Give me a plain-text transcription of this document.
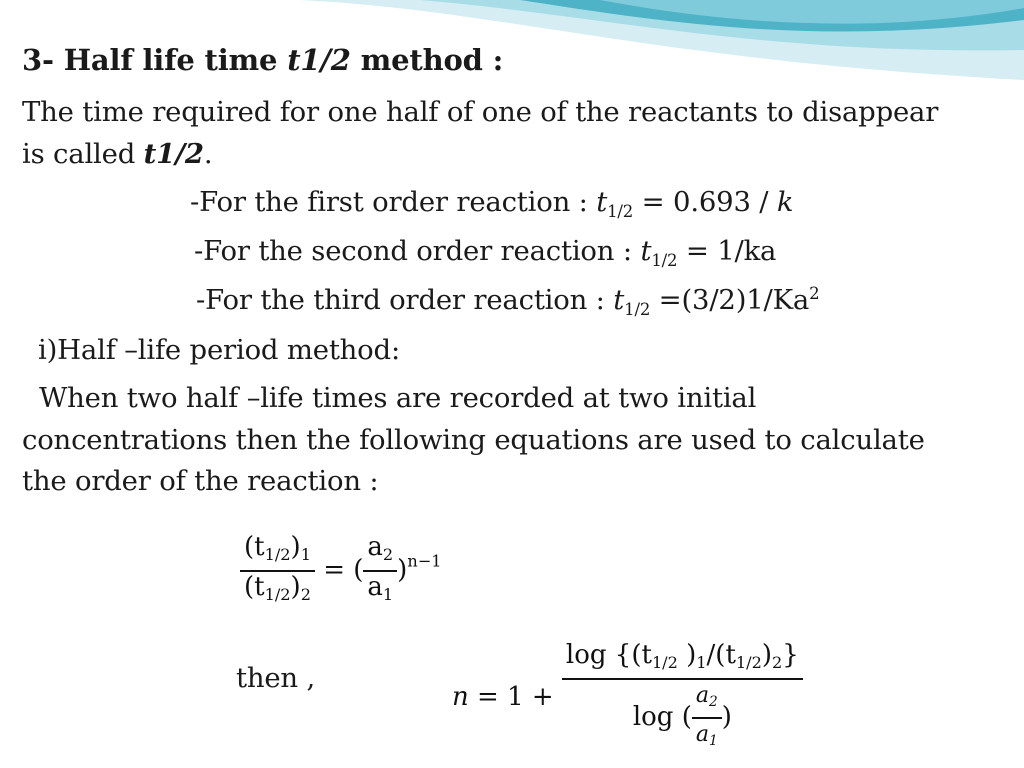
3- Half life time t1/2 method :
The time required for one half of one of the reactants to disappear
is called t1/2.
-For the first order reaction : $t_{1/2} = 0.693 / k$
-For the second order reaction : $t_{1/2} = 1/ka$
-For the third order reaction : $t_{1/2} =(3/2)1/Ka^2$
i)Half –life period method:
When two half –life times are recorded at two initial
concentrations then the following equations are used to calculate
the order of the reaction :
$\frac{(t1/2)1}{(t1/2)2}$ = ( $\frac{a2}{a1} )^{n-1}$
then ,
$n = 1 + \frac{\log \{(t1/2 )1/(t1/2)2\}}{\log ( \frac{a2}{a1} )}$
